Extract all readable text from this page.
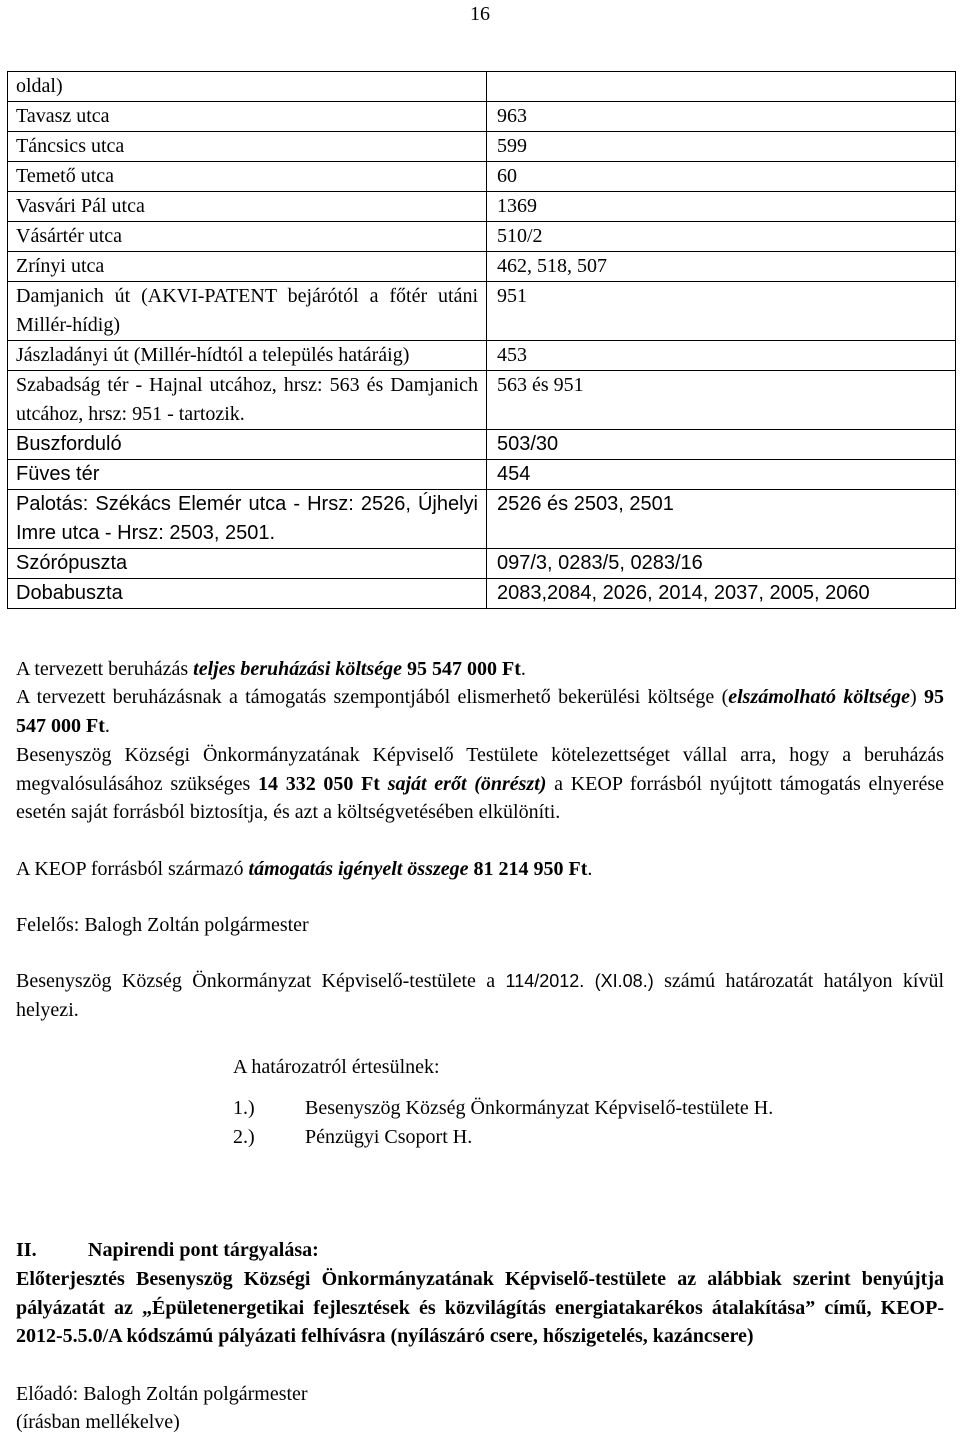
16
oldal)	
Tavasz utca	963
Táncsics utca	599
Temető utca	60
Vasvári Pál utca	1369
Vásártér utca	510/2
Zrínyi utca	462, 518, 507
Damjanich út (AKVI-PATENT bejárótól a főtér utáni Millér-hídig)	951
Jászladányi út (Millér-hídtól a település határáig)	453
Szabadság tér - Hajnal utcához, hrsz: 563 és Damjanich utcához, hrsz: 951 - tartozik.	563 és 951
Buszforduló	503/30
Füves tér	454
Palotás: Székács Elemér utca - Hrsz: 2526, Újhelyi Imre utca - Hrsz: 2503, 2501.	2526 és 2503, 2501
Szórópuszta	097/3, 0283/5, 0283/16
Dobabuszta	2083,2084, 2026, 2014, 2037, 2005, 2060
A tervezett beruházás teljes beruházási költsége 95 547 000 Ft.
A tervezett beruházásnak a támogatás szempontjából elismerhető bekerülési költsége (elszámolható költsége) 95 547 000 Ft.
Besenyszög Községi Önkormányzatának Képviselő Testülete kötelezettséget vállal arra, hogy a beruházás megvalósulásához szükséges 14 332 050 Ft saját erőt (önrészt) a KEOP forrásból nyújtott támogatás elnyerése esetén saját forrásból biztosítja, és azt a költségvetésében elkülöníti.
A KEOP forrásból származó támogatás igényelt összege 81 214 950 Ft.
Felelős: Balogh Zoltán polgármester
Besenyszög Község Önkormányzat Képviselő-testülete a 114/2012. (XI.08.) számú határozatát hatályon kívül helyezi.
A határozatról értesülnek:
1.)	Besenyszög Község Önkormányzat Képviselő-testülete H.
2.)	Pénzügyi Csoport H.
II.	Napirendi pont tárgyalása:
Előterjesztés Besenyszög Községi Önkormányzatának Képviselő-testülete az alábbiak szerint benyújtja pályázatát az „Épületenergetikai fejlesztések és közvilágítás energiatakarékos átalakítása” című, KEOP-2012-5.5.0/A kódszámú pályázati felhívásra (nyílászáró csere, hőszigetelés, kazáncsere)
Előadó: Balogh Zoltán polgármester
(írásban mellékelve)
